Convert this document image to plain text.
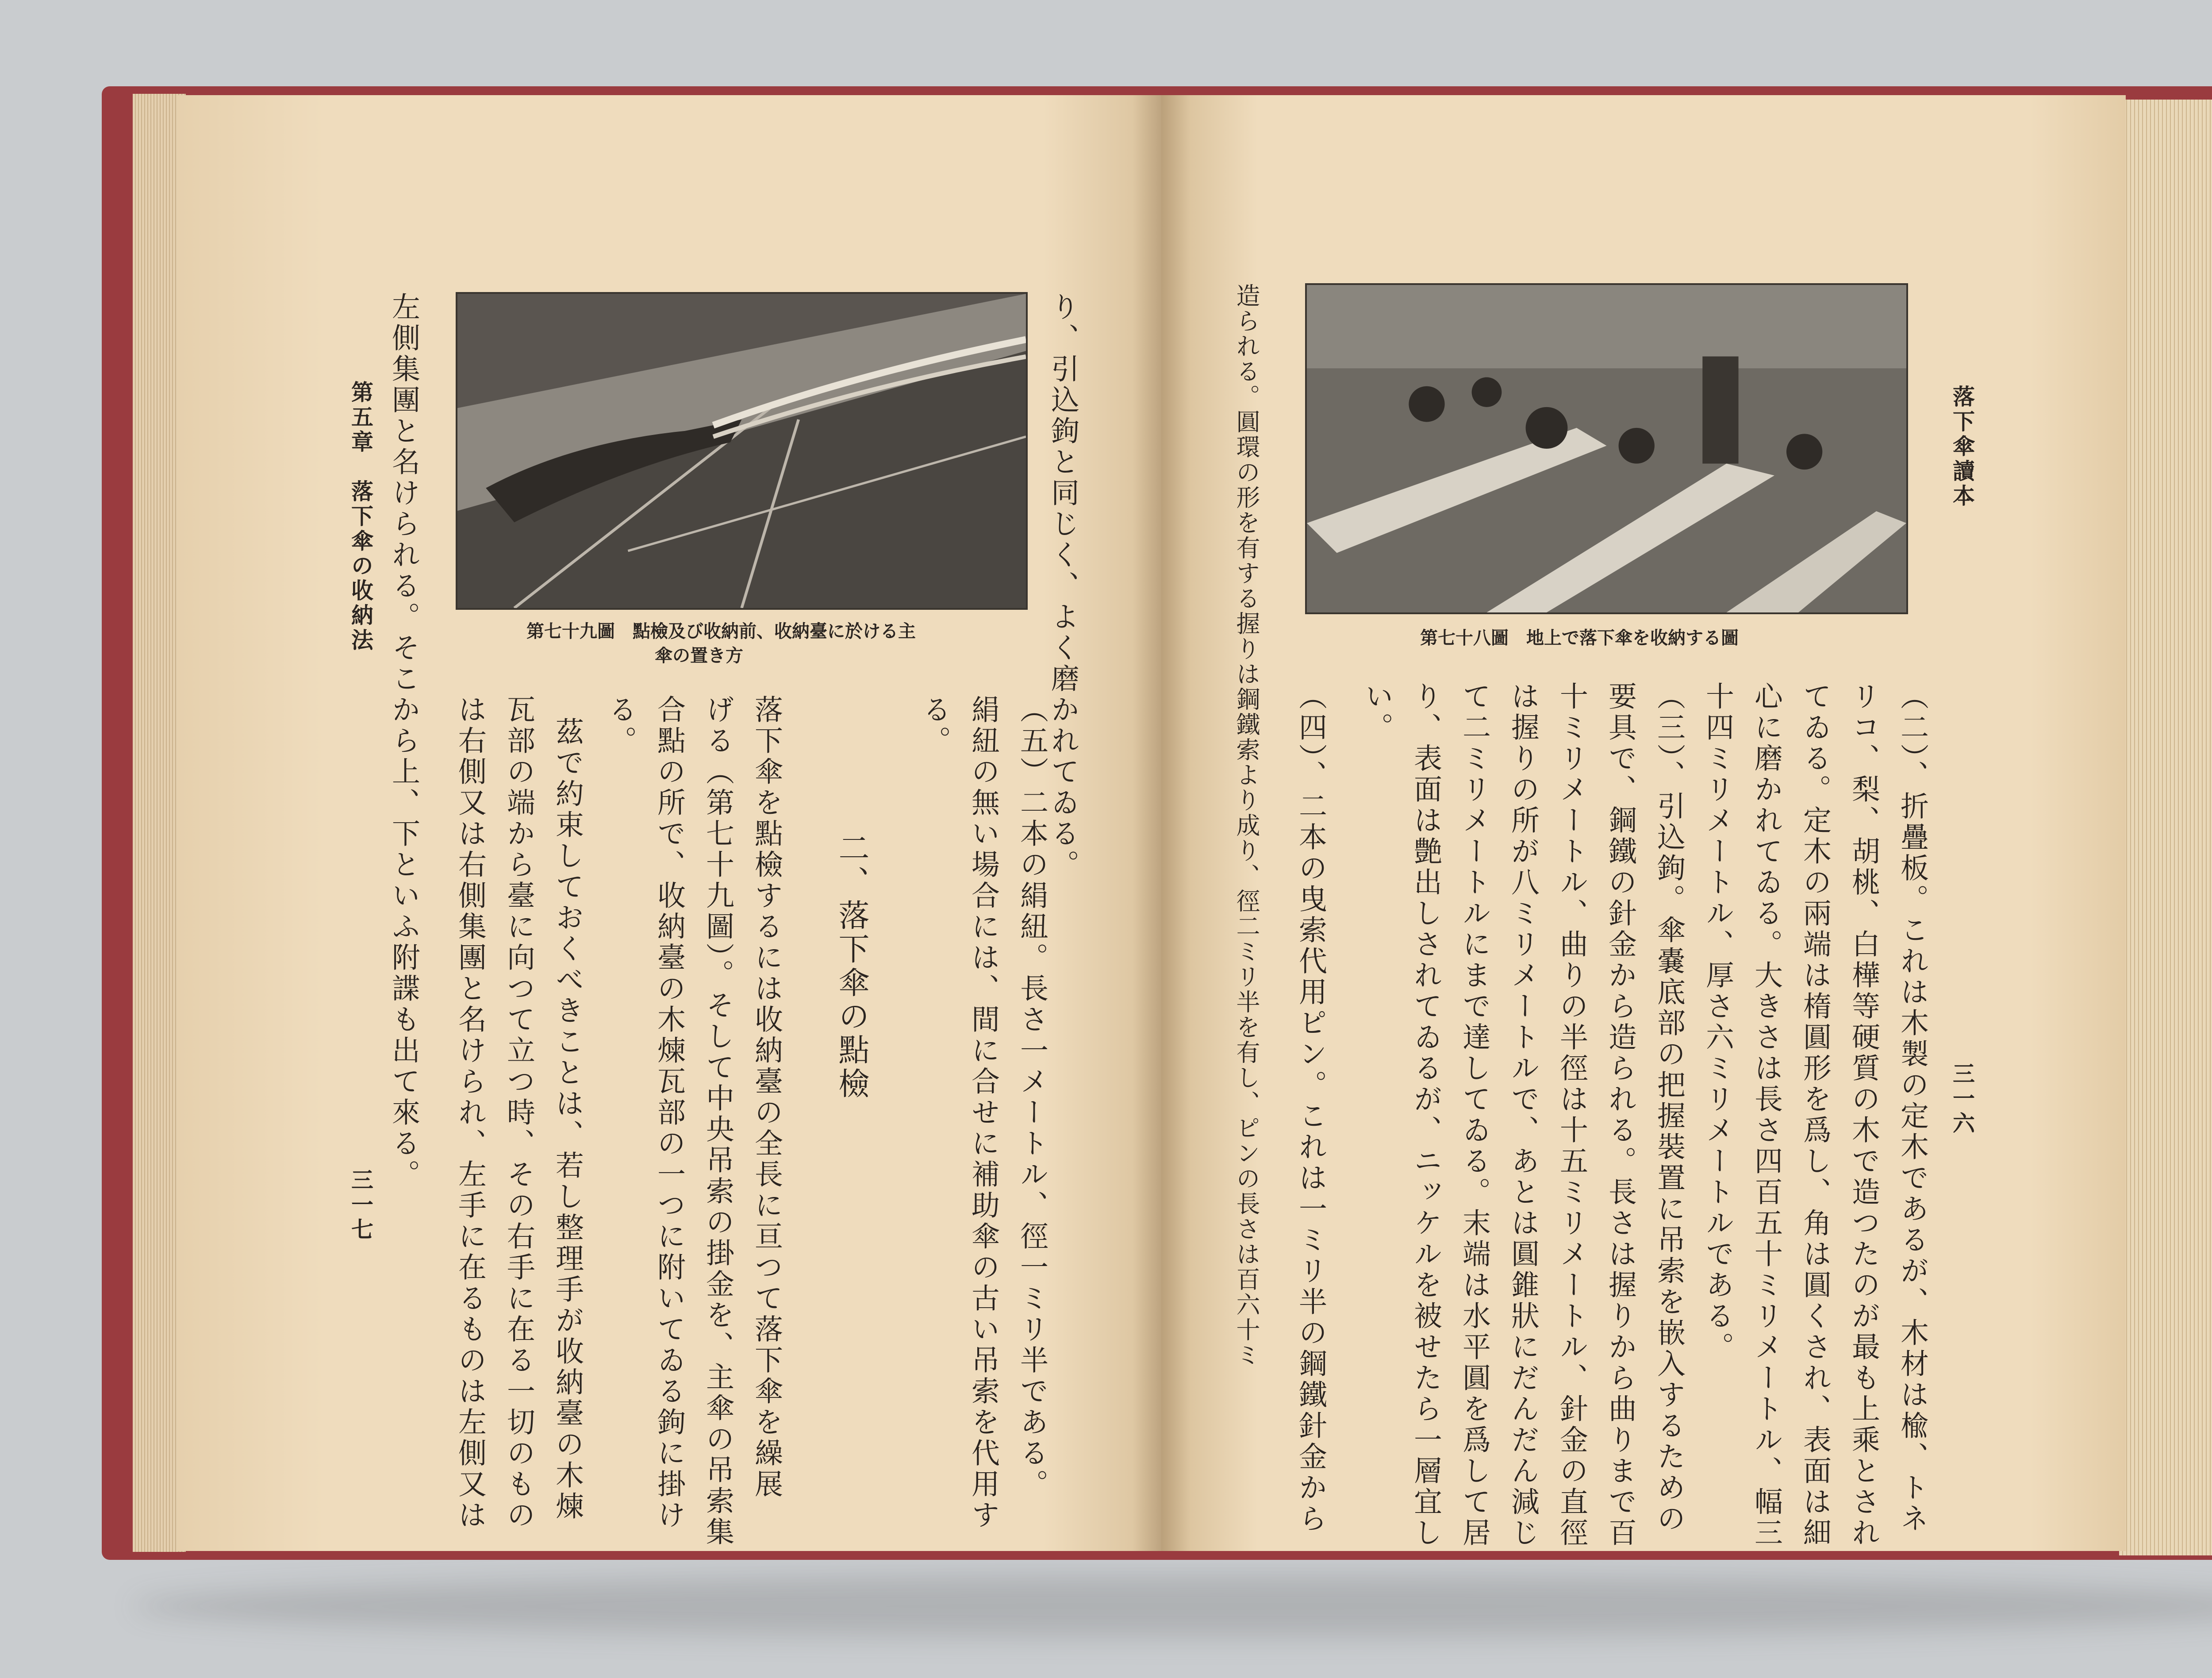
第五章　落下傘の收納法
三一七
第七十九圖　點檢及び收納前、收納臺に於ける主
傘の置き方	り、引込鉤と同じく、よく磨かれてゐる。
（五）二本の絹紐。長さ一メートル、徑一ミリ半である。
絹紐の無い場合には、間に合せに補助傘の古い吊索を代用す
る。
二、落下傘の點檢
落下傘を點檢するには收納臺の全長に亘つて落下傘を繰展
げる（第七十九圖）。そして中央吊索の掛金を、主傘の吊索集
合點の所で、收納臺の木煉瓦部の一つに附いてゐる鉤に掛け
る。
茲で約束しておくべきことは、若し整理手が收納臺の木煉
瓦部の端から臺に向つて立つ時、その右手に在る一切のもの
は右側又は右側集團と名けられ、左手に在るものは左側又は
左側集團と名けられる。そこから上、下といふ附諜も出て來る。	落下傘讀本
三一六
第七十八圖　地上で落下傘を收納する圖
（二）、折疊板。これは木製の定木であるが、木材は楡、トネ
リコ、梨、胡桃、白樺等硬質の木で造つたのが最も上乘とされ
てゐる。定木の兩端は楕圓形を爲し、角は圓くされ、表面は細
心に磨かれてゐる。大きさは長さ四百五十ミリメートル、幅三
十四ミリメートル、厚さ六ミリメートルである。
（三）、引込鉤。傘嚢底部の把握裝置に吊索を嵌入するための
要具で、鋼鐵の針金から造られる。長さは握りから曲りまで百
十ミリメートル、曲りの半徑は十五ミリメートル、針金の直徑
は握りの所が八ミリメートルで、あとは圓錐狀にだんだん減じ
て二ミリメートルにまで達してゐる。末端は水平圓を爲して居
り、表面は艶出しされてゐるが、ニッケルを被せたら一層宜し
い。
（四）、二本の曳索代用ピン。これは一ミリ半の鋼鐵針金から
造られる。圓環の形を有する握りは鋼鐵索より成り、徑二ミリ半を有し、ピンの長さは百六十ミ
